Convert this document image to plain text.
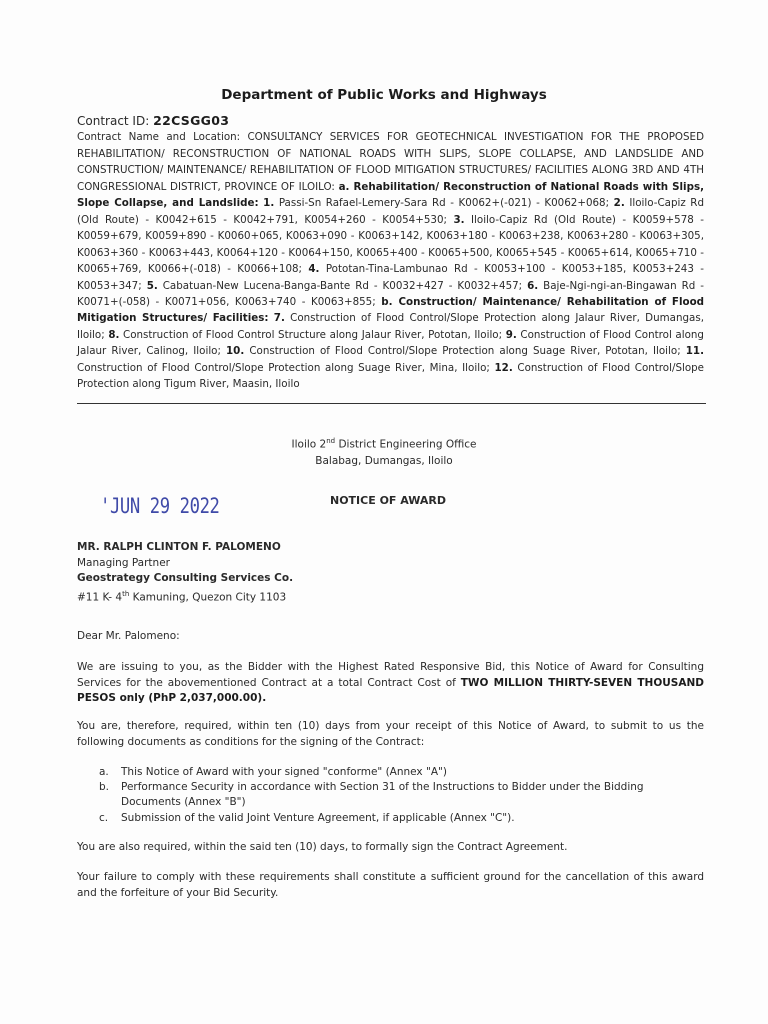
Department of Public Works and Highways
Contract ID: 22CSGG03
Contract Name and Location: CONSULTANCY SERVICES FOR GEOTECHNICAL INVESTIGATION FOR THE PROPOSED REHABILITATION/ RECONSTRUCTION OF NATIONAL ROADS WITH SLIPS, SLOPE COLLAPSE, AND LANDSLIDE AND CONSTRUCTION/ MAINTENANCE/ REHABILITATION OF FLOOD MITIGATION STRUCTURES/ FACILITIES ALONG 3RD AND 4TH CONGRESSIONAL DISTRICT, PROVINCE OF ILOILO: a. Rehabilitation/ Reconstruction of National Roads with Slips, Slope Collapse, and Landslide: 1. Passi-Sn Rafael-Lemery-Sara Rd - K0062+(-021) - K0062+068; 2. Iloilo-Capiz Rd (Old Route) - K0042+615 - K0042+791, K0054+260 - K0054+530; 3. Iloilo-Capiz Rd (Old Route) - K0059+578 - K0059+679, K0059+890 - K0060+065, K0063+090 - K0063+142, K0063+180 - K0063+238, K0063+280 - K0063+305, K0063+360 - K0063+443, K0064+120 - K0064+150, K0065+400 - K0065+500, K0065+545 - K0065+614, K0065+710 - K0065+769, K0066+(-018) - K0066+108; 4. Pototan-Tina-Lambunao Rd - K0053+100 - K0053+185, K0053+243 - K0053+347; 5. Cabatuan-New Lucena-Banga-Bante Rd - K0032+427 - K0032+457; 6. Baje-Ngi-ngi-an-Bingawan Rd - K0071+(-058) - K0071+056, K0063+740 - K0063+855; b. Construction/ Maintenance/ Rehabilitation of Flood Mitigation Structures/ Facilities: 7. Construction of Flood Control/Slope Protection along Jalaur River, Dumangas, Iloilo; 8. Construction of Flood Control Structure along Jalaur River, Pototan, Iloilo; 9. Construction of Flood Control along Jalaur River, Calinog, Iloilo; 10. Construction of Flood Control/Slope Protection along Suage River, Pototan, Iloilo; 11. Construction of Flood Control/Slope Protection along Suage River, Mina, Iloilo; 12. Construction of Flood Control/Slope Protection along Tigum River, Maasin, Iloilo
Iloilo 2nd District Engineering Office
Balabag, Dumangas, Iloilo
'JUN 29 2022	NOTICE OF AWARD
MR. RALPH CLINTON F. PALOMENO
Managing Partner
Geostrategy Consulting Services Co.
#11 K- 4th Kamuning, Quezon City 1103
Dear Mr. Palomeno:
We are issuing to you, as the Bidder with the Highest Rated Responsive Bid, this Notice of Award for Consulting Services for the abovementioned Contract at a total Contract Cost of TWO MILLION THIRTY-SEVEN THOUSAND PESOS only (PhP 2,037,000.00).
You are, therefore, required, within ten (10) days from your receipt of this Notice of Award, to submit to us the following documents as conditions for the signing of the Contract:
a.	This Notice of Award with your signed "conforme" (Annex "A")
b.	Performance Security in accordance with Section 31 of the Instructions to Bidder under the Bidding Documents (Annex "B")
c.	Submission of the valid Joint Venture Agreement, if applicable (Annex "C").
You are also required, within the said ten (10) days, to formally sign the Contract Agreement.
Your failure to comply with these requirements shall constitute a sufficient ground for the cancellation of this award and the forfeiture of your Bid Security.
